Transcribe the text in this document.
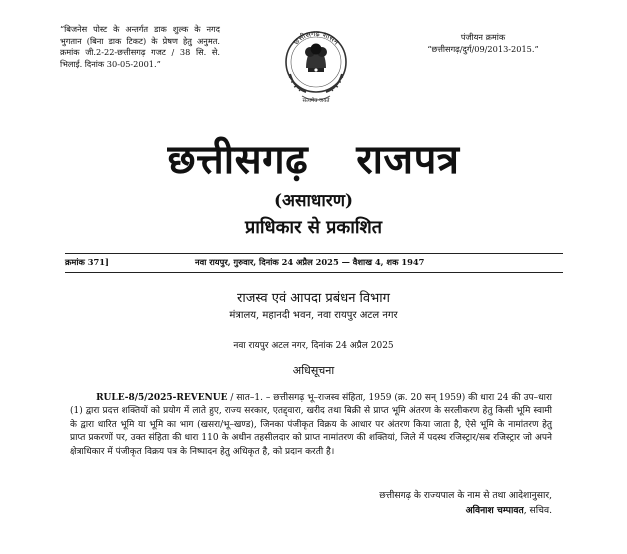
“बिजनेस पोस्ट के अन्तर्गत डाक शुल्क के नगद भुगतान (बिना डाक टिकट) के प्रेषण हेतु अनुमत. क्रमांक जी.2-22-छत्तीसगढ़ गजट / 38 सि. से. भिलाई. दिनांक 30-05-2001.”
पंजीयन क्रमांक
“छत्तीसगढ़/दुर्ग/09/2013-2015.”
छत्तीसगढ़ शासन
सत्यमेव जयते
छत्तीसगढ़ राजपत्र
(असाधारण)
प्राधिकार से प्रकाशित
क्रमांक 371]	नवा रायपुर, गुरुवार, दिनांक 24 अप्रैल 2025 — वैशाख 4, शक 1947
राजस्व एवं आपदा प्रबंधन विभाग
मंत्रालय, महानदी भवन, नवा रायपुर अटल नगर
नवा रायपुर अटल नगर, दिनांक 24 अप्रैल 2025
अधिसूचना
RULE-8/5/2025-REVENUE / सात–1. – छत्तीसगढ़ भू–राजस्व संहिता, 1959 (क्र. 20 सन् 1959) की धारा 24 की उप–धारा (1) द्वारा प्रदत्त शक्तियों को प्रयोग में लाते हुए, राज्य सरकार, एतद्द्वारा, खरीद तथा बिक्री से प्राप्त भूमि अंतरण के सरलीकरण हेतु किसी भूमि स्वामी के द्वारा धारित भूमि या भूमि का भाग (खसरा/भू–खण्ड), जिनका पंजीकृत विक्रय के आधार पर अंतरण किया जाता है, ऐसे भूमि के नामांतरण हेतु प्राप्त प्रकरणों पर, उक्त संहिता की धारा 110 के अधीन तहसीलदार को प्राप्त नामांतरण की शक्तियां, जिले में पदस्थ रजिस्ट्रार/सब रजिस्ट्रार जो अपने क्षेत्राधिकार में पंजीकृत विक्रय पत्र के निष्पादन हेतु अधिकृत है, को प्रदान करती है।
छत्तीसगढ़ के राज्यपाल के नाम से तथा आदेशानुसार,
अविनाश चम्पावत, सचिव.
